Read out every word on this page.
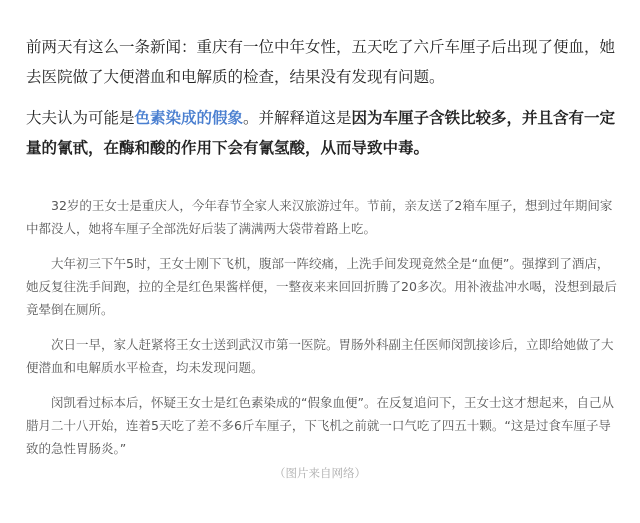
前两天有这么一条新闻：重庆有一位中年女性，五天吃了六斤车厘子后出现了便血，她去医院做了大便潜血和电解质的检查，结果没有发现有问题。

大夫认为可能是色素染成的假象。并解释道这是因为车厘子含铁比较多，并且含有一定量的氰甙，在酶和酸的作用下会有氰氢酸，从而导致中毒。

32岁的王女士是重庆人，今年春节全家人来汉旅游过年。节前，亲友送了2箱车厘子，想到过年期间家中都没人，她将车厘子全部洗好后装了满满两大袋带着路上吃。

大年初三下午5时，王女士刚下飞机，腹部一阵绞痛，上洗手间发现竟然全是“血便”。强撑到了酒店，她反复往洗手间跑，拉的全是红色果酱样便，一整夜来来回回折腾了20多次。用补液盐冲水喝，没想到最后竟晕倒在厕所。

次日一早，家人赶紧将王女士送到武汉市第一医院。胃肠外科副主任医师闵凯接诊后，立即给她做了大便潜血和电解质水平检查，均未发现问题。

闵凯看过标本后，怀疑王女士是红色素染成的“假象血便”。在反复追问下，王女士这才想起来，自己从腊月二十八开始，连着5天吃了差不多6斤车厘子，下飞机之前就一口气吃了四五十颗。“这是过食车厘子导致的急性胃肠炎。”

（图片来自网络）
